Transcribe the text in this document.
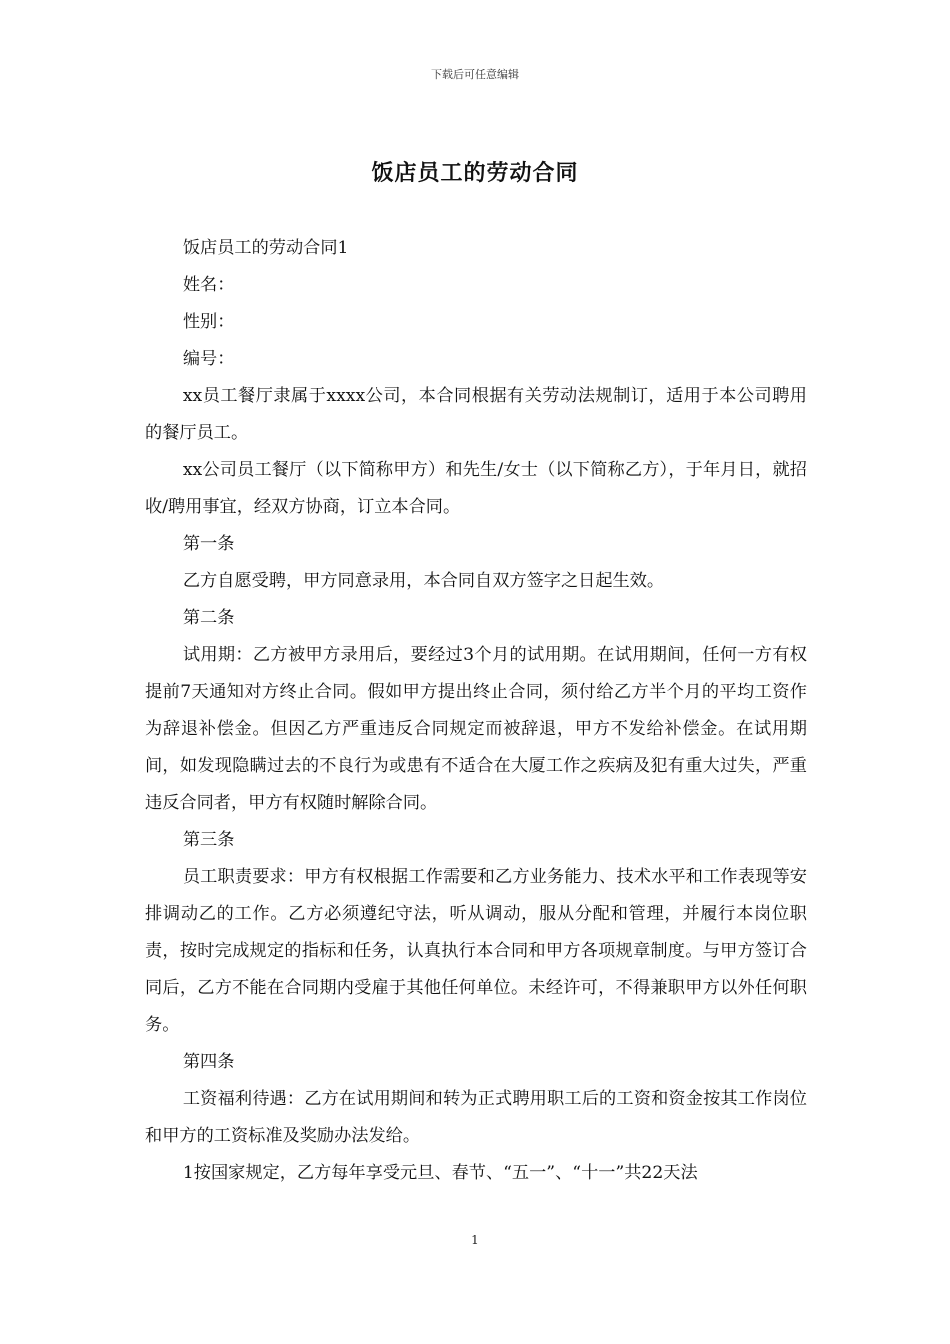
下载后可任意编辑
饭店员工的劳动合同

饭店员工的劳动合同1

姓名：

性别：

编号：

xx员工餐厅隶属于xxxx公司，本合同根据有关劳动法规制订，适用于本公司聘用的餐厅员工。

xx公司员工餐厅（以下简称甲方）和先生/女士（以下简称乙方），于年月日，就招收/聘用事宜，经双方协商，订立本合同。

第一条

乙方自愿受聘，甲方同意录用，本合同自双方签字之日起生效。

第二条

试用期：乙方被甲方录用后，要经过3个月的试用期。在试用期间，任何一方有权提前7天通知对方终止合同。假如甲方提出终止合同，须付给乙方半个月的平均工资作为辞退补偿金。但因乙方严重违反合同规定而被辞退，甲方不发给补偿金。在试用期间，如发现隐瞒过去的不良行为或患有不适合在大厦工作之疾病及犯有重大过失，严重违反合同者，甲方有权随时解除合同。

第三条

员工职责要求：甲方有权根据工作需要和乙方业务能力、技术水平和工作表现等安排调动乙的工作。乙方必须遵纪守法，听从调动，服从分配和管理，并履行本岗位职责，按时完成规定的指标和任务，认真执行本合同和甲方各项规章制度。与甲方签订合同后，乙方不能在合同期内受雇于其他任何单位。未经许可，不得兼职甲方以外任何职务。

第四条

工资福利待遇：乙方在试用期间和转为正式聘用职工后的工资和资金按其工作岗位和甲方的工资标准及奖励办法发给。

1按国家规定，乙方每年享受元旦、春节、“五一”、“十一”共22天法

1
